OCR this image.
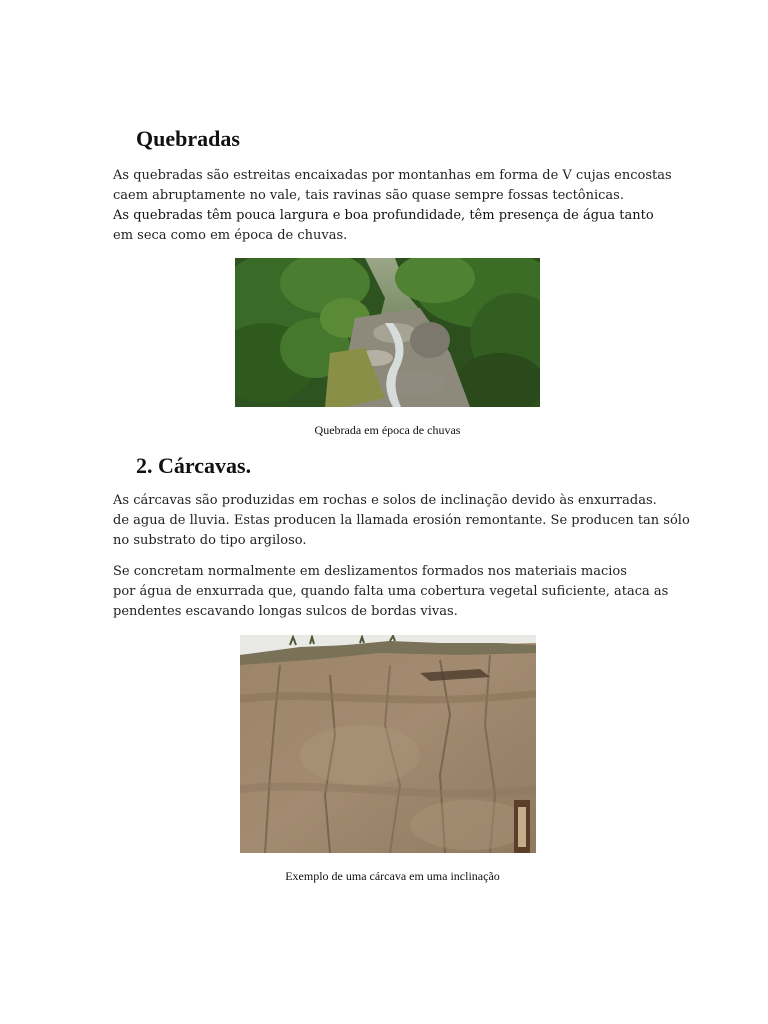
Quebradas
As quebradas são estreitas encaixadas por montanhas em forma de V cujas encostas
caem abruptamente no vale, tais ravinas são quase sempre fossas tectônicas.
As quebradas têm pouca largura e boa profundidade, têm presença de água tanto
em seca como em época de chuvas.

Quebrada em época de chuvas

2. Cárcavas.
As cárcavas são produzidas em rochas e solos de inclinação devido às enxurradas.
de agua de lluvia. Estas producen la llamada erosión remontante. Se producen tan sólo
no substrato do tipo argiloso.
Se concretam normalmente em deslizamentos formados nos materiais macios
por água de enxurrada que, quando falta uma cobertura vegetal suficiente, ataca as
pendentes escavando longas sulcos de bordas vivas.

Exemplo de uma cárcava em uma inclinação
